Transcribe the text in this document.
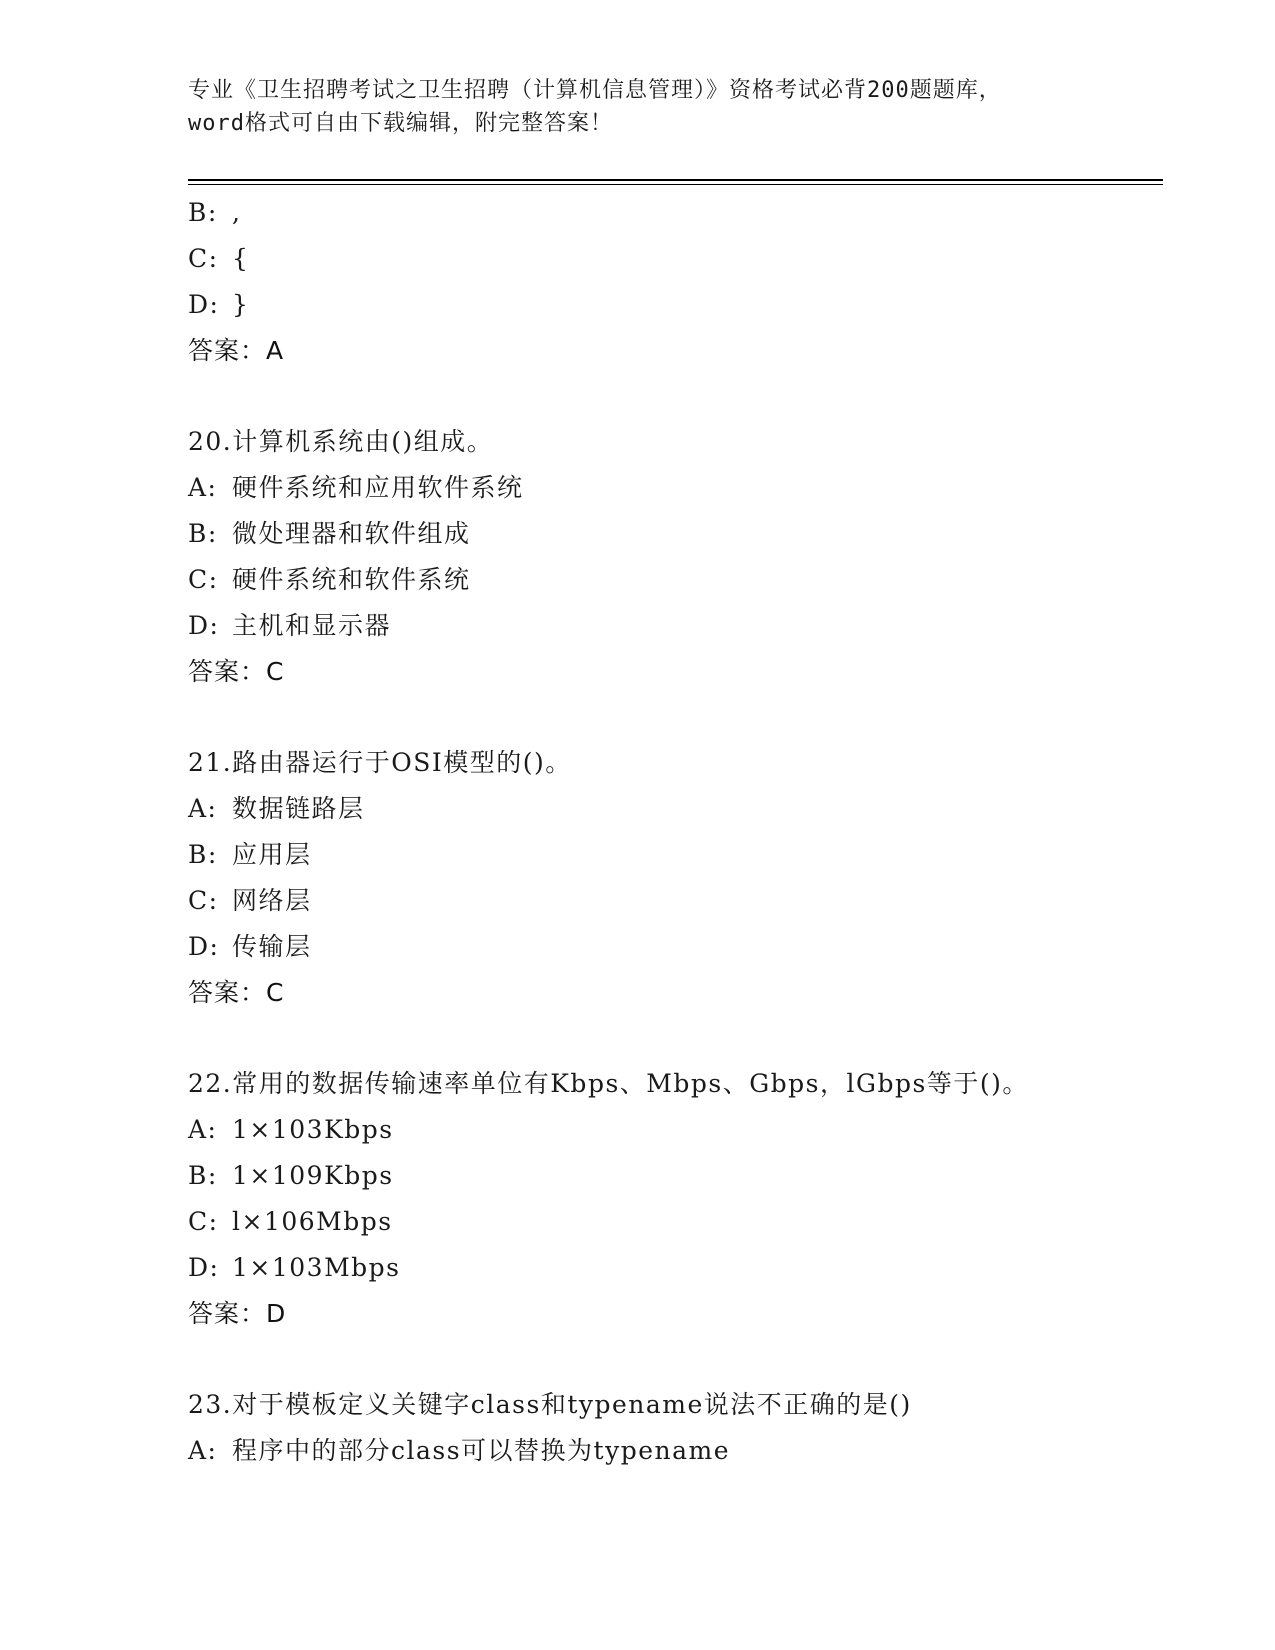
专业《卫生招聘考试之卫生招聘（计算机信息管理）》资格考试必背200题题库，
word格式可自由下载编辑，附完整答案！
B: ,
C: {
D: }
答案：A
20.计算机系统由()组成。
A: 硬件系统和应用软件系统
B: 微处理器和软件组成
C: 硬件系统和软件系统
D: 主机和显示器
答案：C
21.路由器运行于OSI模型的()。
A: 数据链路层
B: 应用层
C: 网络层
D: 传输层
答案：C
22.常用的数据传输速率单位有Kbps、Mbps、Gbps，lGbps等于()。
A: 1×103Kbps
B: 1×109Kbps
C: l×106Mbps
D: 1×103Mbps
答案：D
23.对于模板定义关键字class和typename说法不正确的是()
A: 程序中的部分class可以替换为typename
